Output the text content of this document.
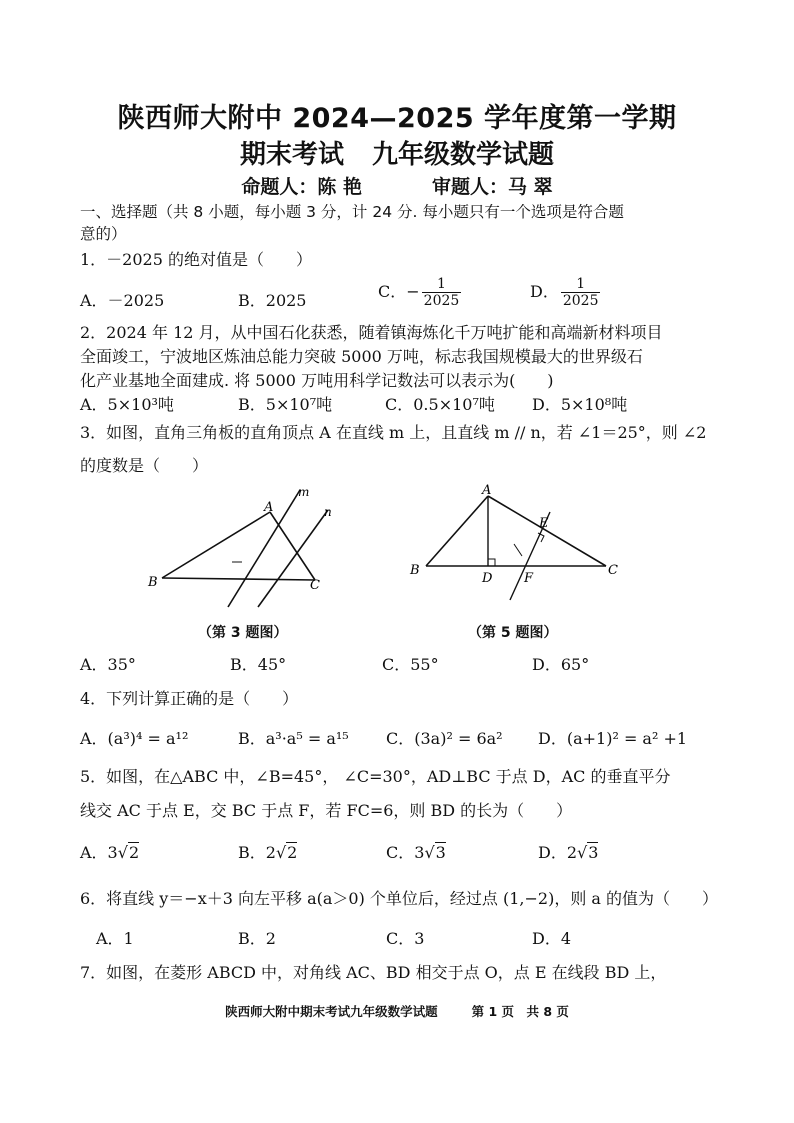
陕西师大附中 2024—2025 学年度第一学期
期末考试 九年级数学试题
命题人：陈 艳	审题人：马 翠
一、选择题（共 8 小题，每小题 3 分，计 24 分. 每小题只有一个选项是符合题
意的）
1．－2025 的绝对值是（　　）
A．－2025	B．2025	C．− $\frac{1}{2025}$	D． $\frac{1}{2025}$
2．2024 年 12 月，从中国石化获悉，随着镇海炼化千万吨扩能和高端新材料项目
全面竣工，宁波地区炼油总能力突破 5000 万吨，标志我国规模最大的世界级石
化产业基地全面建成. 将 5000 万吨用科学记数法可以表示为(　　)
A．5×10³吨	B．5×10⁷吨	C．0.5×10⁷吨 D．5×10⁸吨
3．如图，直角三角板的直角顶点 A 在直线 m 上，且直线 m // n，若 ∠1＝25°，则 ∠2
的度数是（　　）
A
B	C
m
n
（第 3 题图）
A
B	C
D
E
F
（第 5 题图）
A．35°	B．45°	C．55°	D．65°
4．下列计算正确的是（　　）
A．(a³)⁴ = a¹²	B．a³·a⁵ = a¹⁵ C．(3a)² = 6a² D．(a+1)² = a² +1
5．如图，在△ABC 中，∠B=45°， ∠C=30°，AD⊥BC 于点 D，AC 的垂直平分
线交 AC 于点 E，交 BC 于点 F，若 FC=6，则 BD 的长为（　　）
A．3√2	B．2√2	C．3√3	D．2√3
6．将直线 y＝−x＋3 向左平移 a(a＞0) 个单位后，经过点 (1,−2)，则 a 的值为（　　）
A．1	B．2	C．3	D．4
7．如图，在菱形 ABCD 中，对角线 AC、BD 相交于点 O，点 E 在线段 BD 上，
陕西师大附中期末考试九年级数学试题	第 1 页　共 8 页
